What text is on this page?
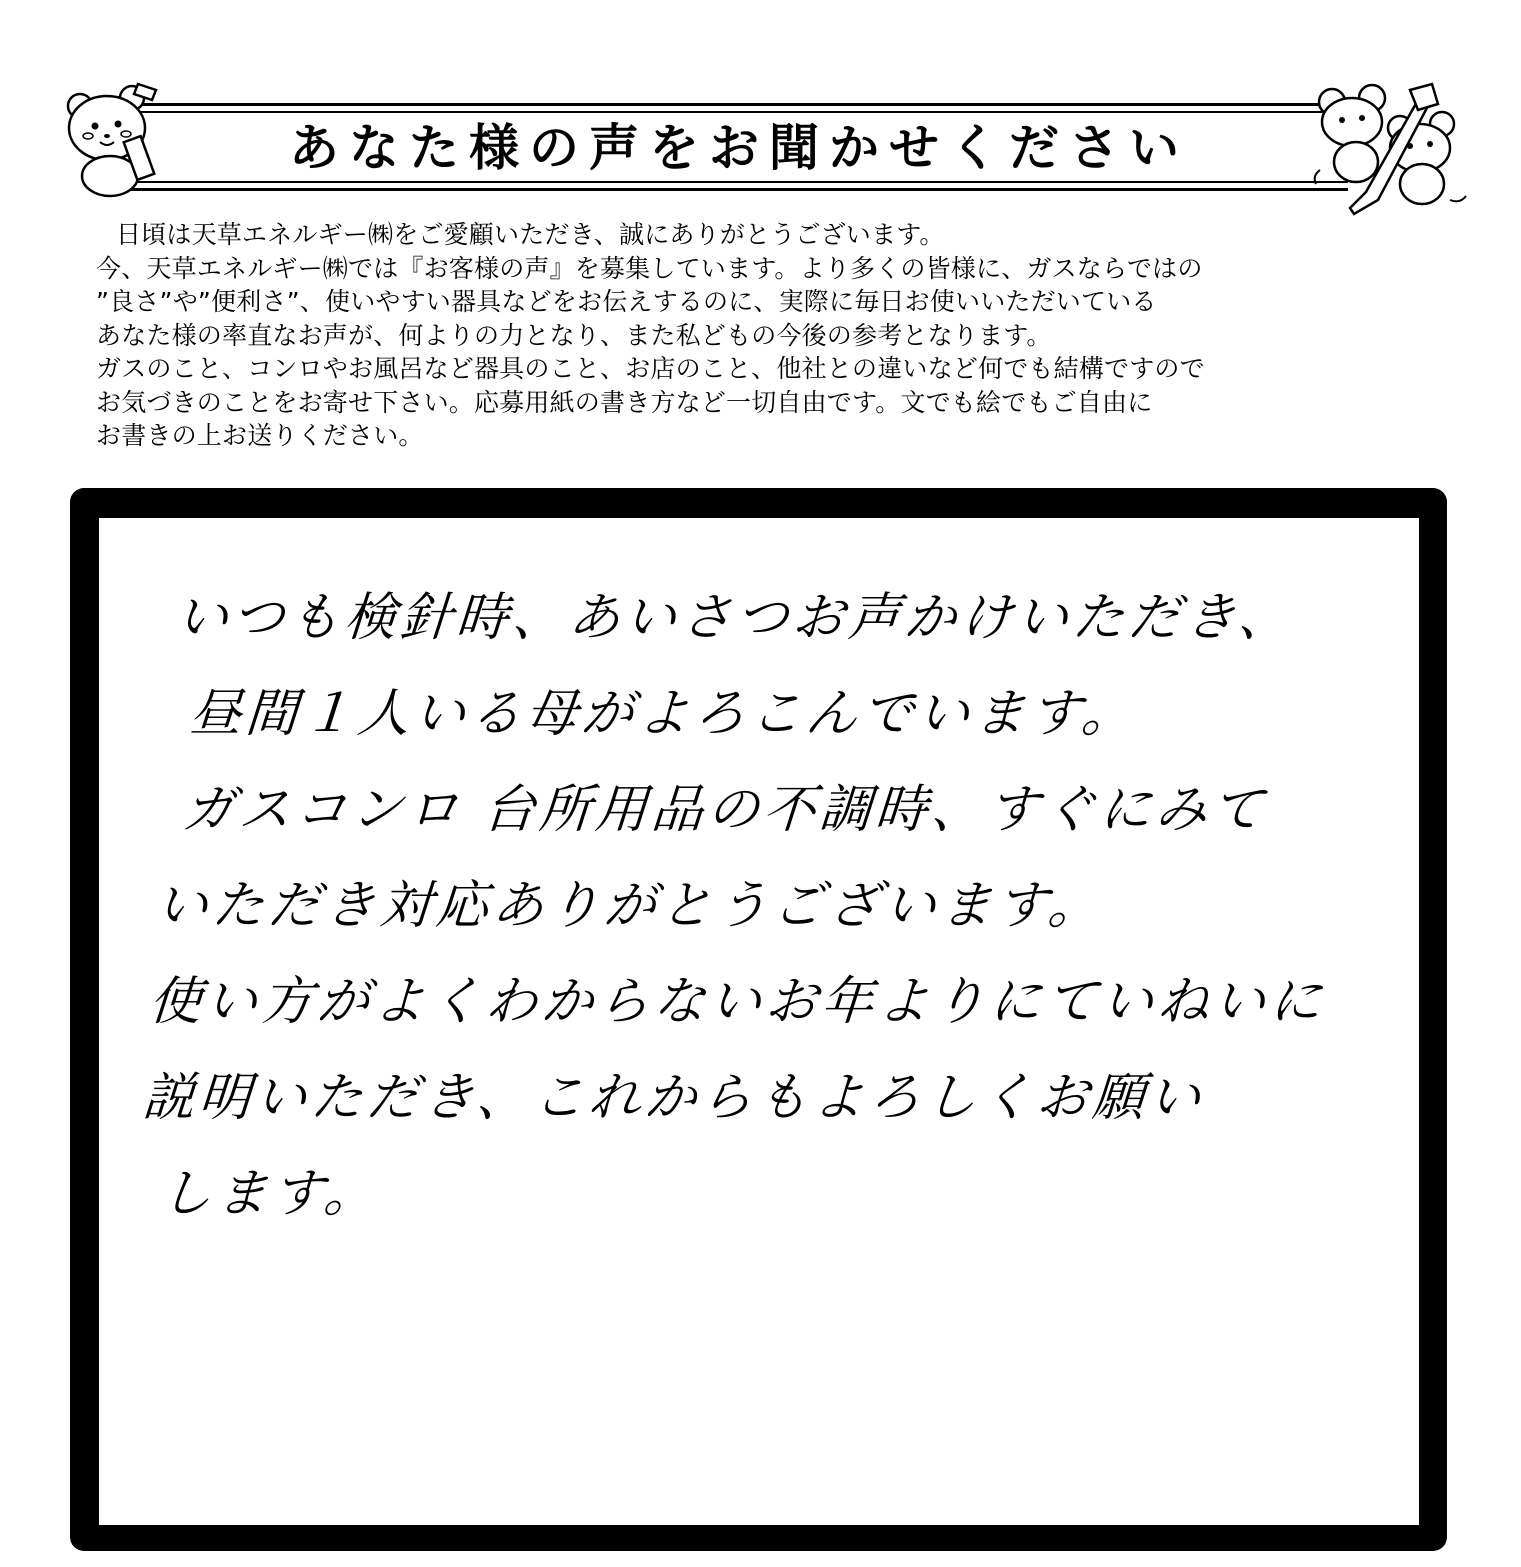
あなた様の声をお聞かせください
日頃は天草エネルギー㈱をご愛顧いただき、誠にありがとうございます。
今、天草エネルギー㈱では『お客様の声』を募集しています。より多くの皆様に、ガスならではの
”良さ”や”便利さ”、使いやすい器具などをお伝えするのに、実際に毎日お使いいただいている
あなた様の率直なお声が、何よりの力となり、また私どもの今後の参考となります。
ガスのこと、コンロやお風呂など器具のこと、お店のこと、他社との違いなど何でも結構ですので
お気づきのことをお寄せ下さい。応募用紙の書き方など一切自由です。文でも絵でもご自由に
お書きの上お送りください。
いつも検針時、あいさつお声かけいただき、
昼間１人いる母がよろこんでいます。
ガスコンロ 台所用品の不調時、すぐにみて
いただき対応ありがとうございます。
使い方がよくわからないお年よりにていねいに
説明いただき、これからもよろしくお願い
します。
